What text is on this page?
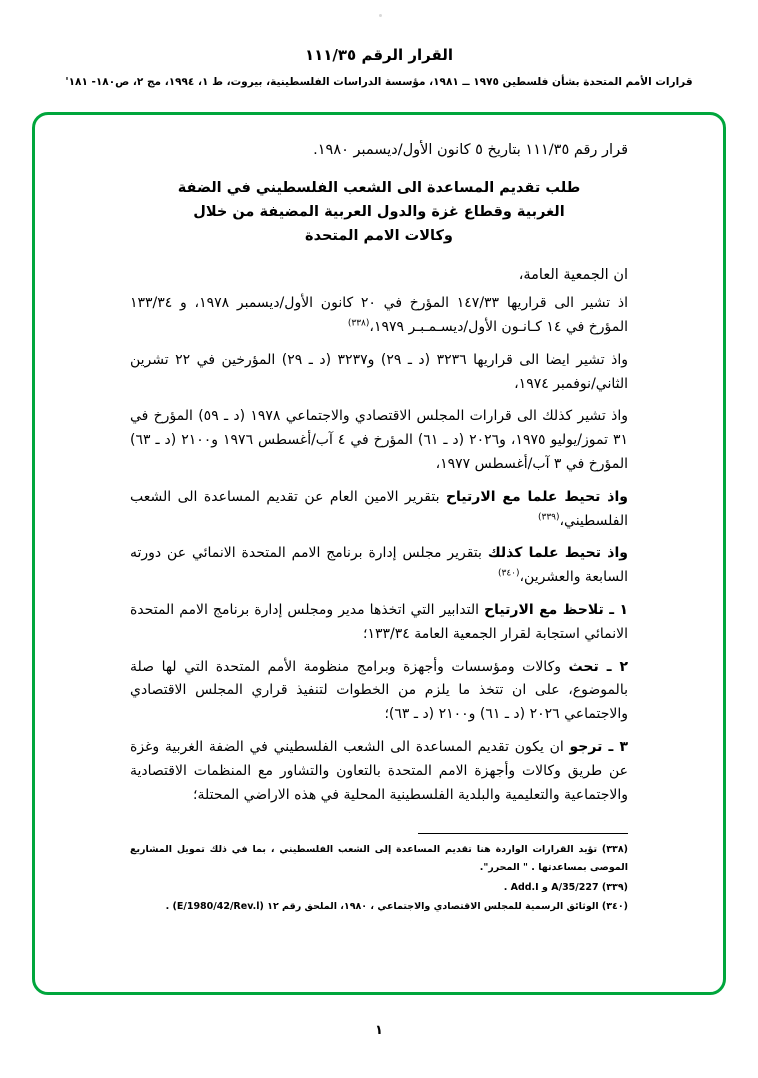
القرار الرقم ١١١/٣٥
قرارات الأمم المتحدة بشأن فلسطين ١٩٧٥ ــ ١٩٨١، مؤسسة الدراسات الفلسطينية، بيروت، ط ١، ١٩٩٤، مج ٢، ص١٨٠- ١٨١'
قرار رقم ١١١/٣٥ بتاريخ ٥ كانون الأول/ديسمبر ١٩٨٠.
طلب تقديم المساعدة الى الشعب الفلسطيني في الضفة
الغربية وقطاع غزة والدول العربية المضيفة من خلال
وكالات الامم المتحدة
ان الجمعية العامة،
اذ تشير الى قراريها ١٤٧/٣٣ المؤرخ في ٢٠ كانون الأول/ديسمبر ١٩٧٨، و ١٣٣/٣٤ المؤرخ في ١٤ كـانـون الأول/ديسـمـبـر ١٩٧٩،$^{(٣٣٨)}$
واذ تشير ايضا الى قراريها ٣٢٣٦ (د ـ ٢٩) و٣٢٣٧ (د ـ ٢٩) المؤرخين في ٢٢ تشرين الثاني/نوفمبر ١٩٧٤،
واذ تشير كذلك الى قرارات المجلس الاقتصادي والاجتماعي ١٩٧٨ (د ـ ٥٩) المؤرخ في ٣١ تموز/يوليو ١٩٧٥، و٢٠٢٦ (د ـ ٦١) المؤرخ في ٤ آب/أغسطس ١٩٧٦ و٢١٠٠ (د ـ ٦٣) المؤرخ في ٣ آب/أغسطس ١٩٧٧،
واذ تحيط علما مع الارتياح بتقرير الامين العام عن تقديم المساعدة الى الشعب الفلسطيني،$^{(٣٣٩)}$
واذ تحيط علما كذلك بتقرير مجلس إدارة برنامج الامم المتحدة الانمائي عن دورته السابعة والعشرين،$^{(٣٤٠)}$
١ ـ تلاحظ مع الارتياح التدابير التي اتخذها مدير ومجلس إدارة برنامج الامم المتحدة الانمائي استجابة لقرار الجمعية العامة ١٣٣/٣٤؛
٢ ـ تحث وكالات ومؤسسات وأجهزة وبرامج منظومة الأمم المتحدة التي لها صلة بالموضوع، على ان تتخذ ما يلزم من الخطوات لتنفيذ قراري المجلس الاقتصادي والاجتماعي ٢٠٢٦ (د ـ ٦١) و٢١٠٠ (د ـ ٦٣)؛
٣ ـ ترجو ان يكون تقديم المساعدة الى الشعب الفلسطيني في الضفة الغربية وغزة عن طريق وكالات وأجهزة الامم المتحدة بالتعاون والتشاور مع المنظمات الاقتصادية والاجتماعية والتعليمية والبلدية الفلسطينية المحلية في هذه الاراضي المحتلة؛
(٣٣٨) تؤيد القرارات الواردة هنا تقديم المساعدة إلى الشعب الفلسطيني ، بما في ذلك تمويل المشاريع الموصى بمساعدتها . " المحرر".
(٣٣٩) A/35/227 و Add.I .
(٣٤٠) الوثائق الرسمية للمجلس الاقتصادي والاجتماعي ، ١٩٨٠، الملحق رقم ١٢ (E/1980/42/Rev.l) .
١
